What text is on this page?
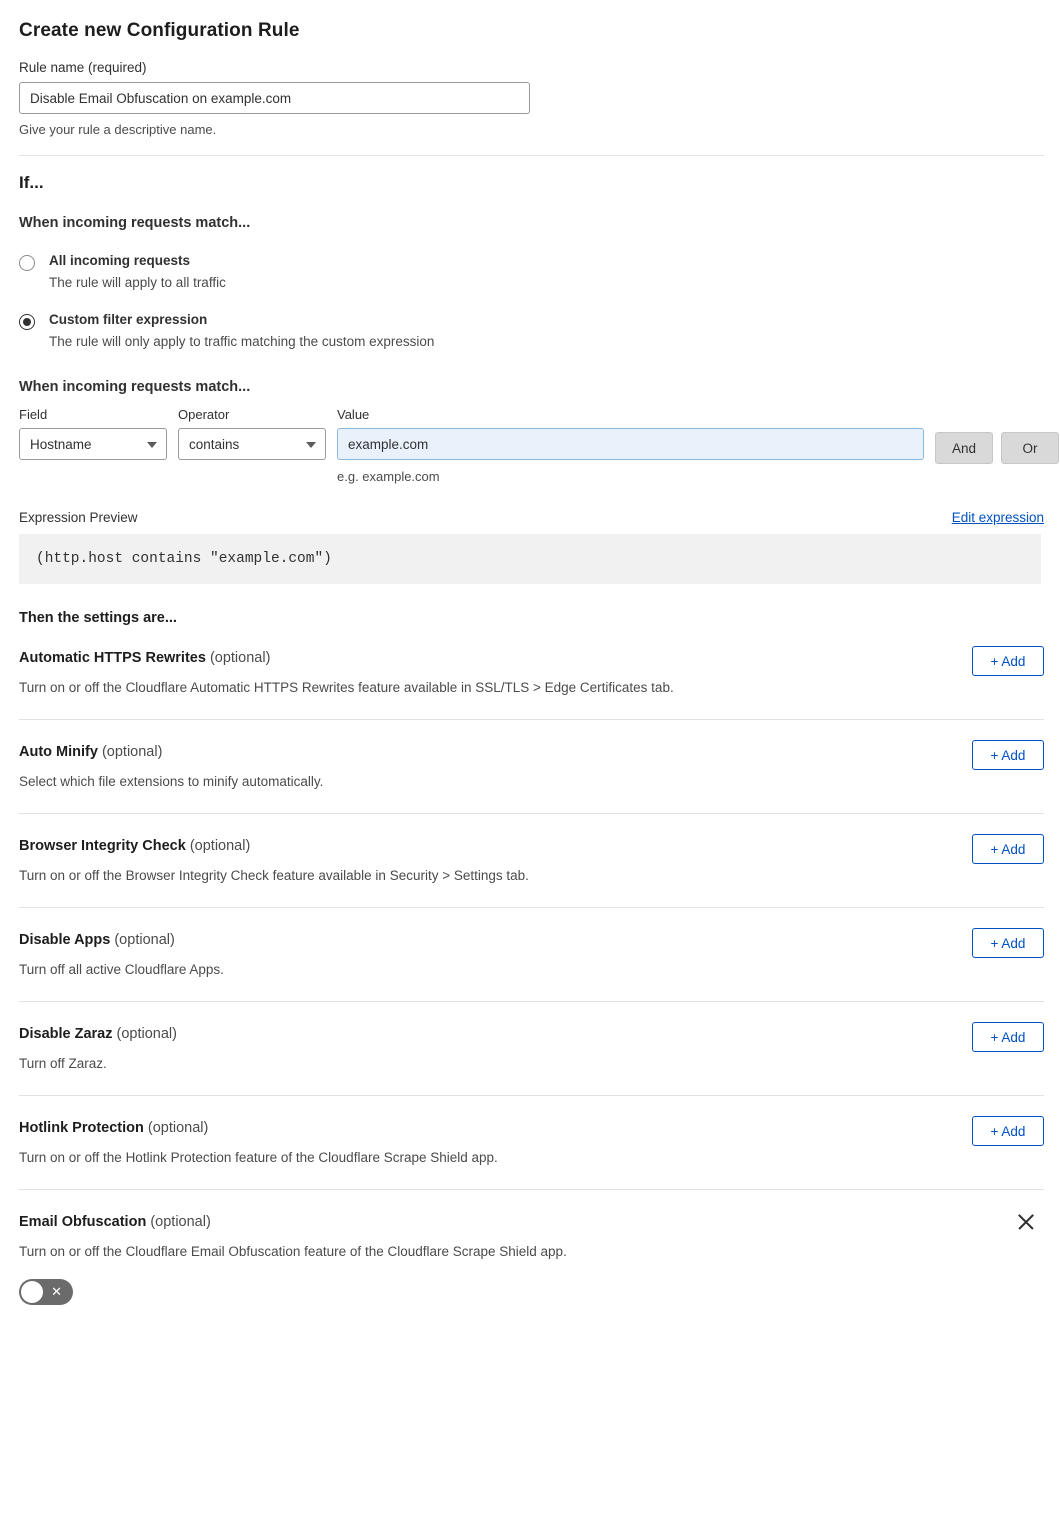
Create new Configuration Rule
Rule name (required)
Disable Email Obfuscation on example.com
Give your rule a descriptive name.
If...
When incoming requests match...
All incoming requests
The rule will apply to all traffic
Custom filter expression
The rule will only apply to traffic matching the custom expression
When incoming requests match...
Field
Hostname
Operator
contains
Value
example.com
e.g. example.com
And	Or
Expression Preview	Edit expression
(http.host contains "example.com")
Then the settings are...
Automatic HTTPS Rewrites (optional)
Turn on or off the Cloudflare Automatic HTTPS Rewrites feature available in SSL/TLS > Edge Certificates tab.
+ Add
Auto Minify (optional)
Select which file extensions to minify automatically.
+ Add
Browser Integrity Check (optional)
Turn on or off the Browser Integrity Check feature available in Security > Settings tab.
+ Add
Disable Apps (optional)
Turn off all active Cloudflare Apps.
+ Add
Disable Zaraz (optional)
Turn off Zaraz.
+ Add
Hotlink Protection (optional)
Turn on or off the Hotlink Protection feature of the Cloudflare Scrape Shield app.
+ Add
Email Obfuscation (optional)
Turn on or off the Cloudflare Email Obfuscation feature of the Cloudflare Scrape Shield app.
✕
